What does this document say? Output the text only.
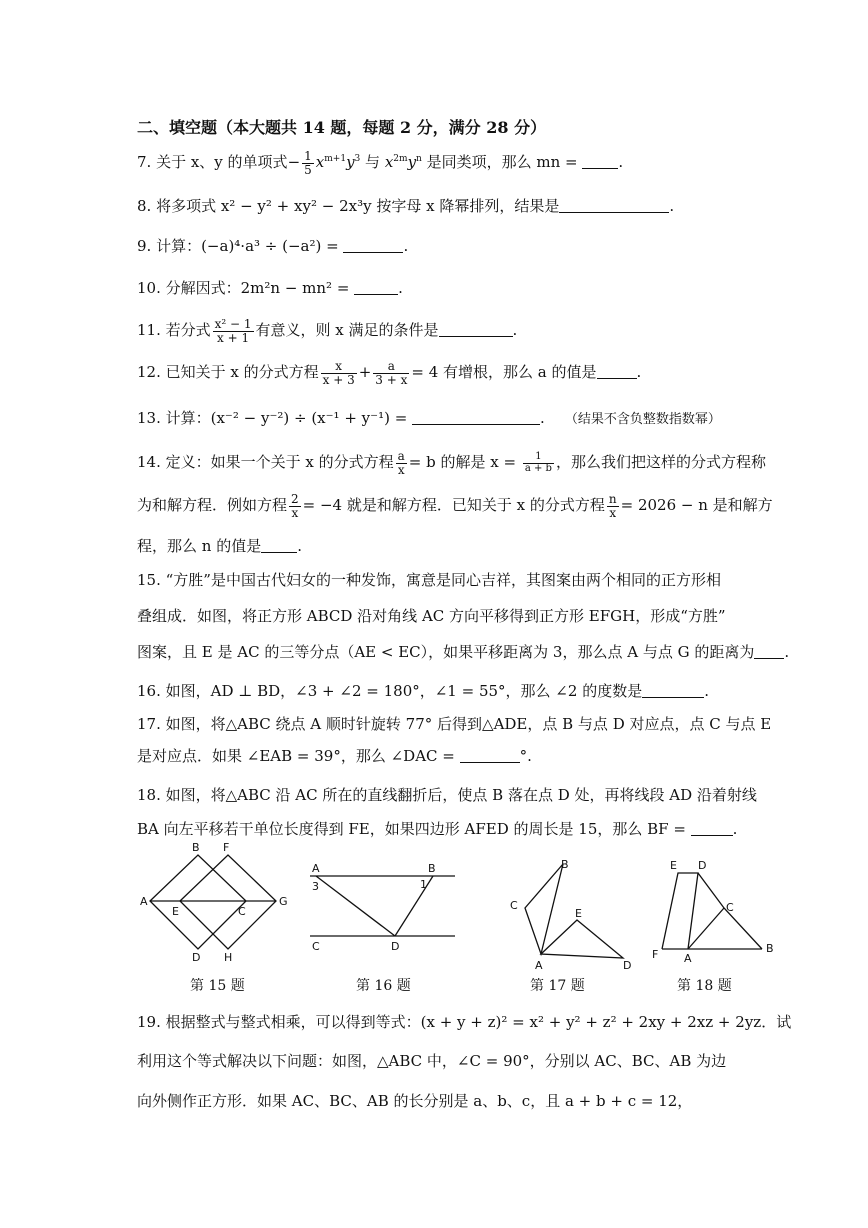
二、填空题（本大题共 14 题，每题 2 分，满分 28 分）
7. 关于 x、y 的单项式− $\frac{1}{5} x^{m+1}y^3$ 与 $x^{2m}y^n$ 是同类项，那么 mn = .
8. 将多项式 x² − y² + xy² − 2x³y 按字母 x 降幂排列，结果是	.
9. 计算：(−a)⁴·a³ ÷ (−a²) =	.
10. 分解因式：2m²n − mn² =	.
11. 若分式 $\frac{\text{x² − 1}}{x + 1}$ 有意义，则 x 满足的条件是	.
12. 已知关于 x 的分式方程 $\frac{x}{x + 3} + \frac{a}{3 + x} = 4$ 有增根，那么 a 的值是	.
13. 计算：(x⁻² − y⁻²) ÷ (x⁻¹ + y⁻¹) =	. （结果不含负整数指数幂）
14. 定义：如果一个关于 x 的分式方程 $\frac{a}{x} = b$ 的解是 $x = \frac{1}{a + b}$ ，那么我们把这样的分式方程称
为和解方程．例如方程 $\frac{2}{x} = -4$ 就是和解方程．已知关于 x 的分式方程 $\frac{n}{x} = 2026 - n$ 是和解方
程，那么 n 的值是 .
15. “方胜”是中国古代妇女的一种发饰，寓意是同心吉祥，其图案由两个相同的正方形相
叠组成．如图，将正方形 ABCD 沿对角线 AC 方向平移得到正方形 EFGH，形成“方胜”
图案，且 E 是 AC 的三等分点（AE < EC），如果平移距离为 3，那么点 A 与点 G 的距离为 .
16. 如图，AD ⊥ BD，∠3 + ∠2 = 180°，∠1 = 55°，那么 ∠2 的度数是	.
17. 如图，将△ABC 绕点 A 顺时针旋转 77° 后得到△ADE，点 B 与点 D 对应点，点 C 与点 E
是对应点．如果 ∠EAB = 39°，那么 ∠DAC =	°.
18. 如图，将△ABC 沿 AC 所在的直线翻折后，使点 B 落在点 D 处，再将线段 AD 沿着射线
BA 向左平移若干单位长度得到 FE，如果四边形 AFED 的周长是 15，那么 BF =	.
B F
A
E	C
G
D H
A	B
3	1
C	D
B
C
E
A	D
E D
C
F A
B
第 15 题	第 16 题	第 17 题	第 18 题
19. 根据整式与整式相乘，可以得到等式：(x + y + z)² = x² + y² + z² + 2xy + 2xz + 2yz．试
利用这个等式解决以下问题：如图，△ABC 中，∠C = 90°，分别以 AC、BC、AB 为边
向外侧作正方形．如果 AC、BC、AB 的长分别是 a、b、c，且 a + b + c = 12，
